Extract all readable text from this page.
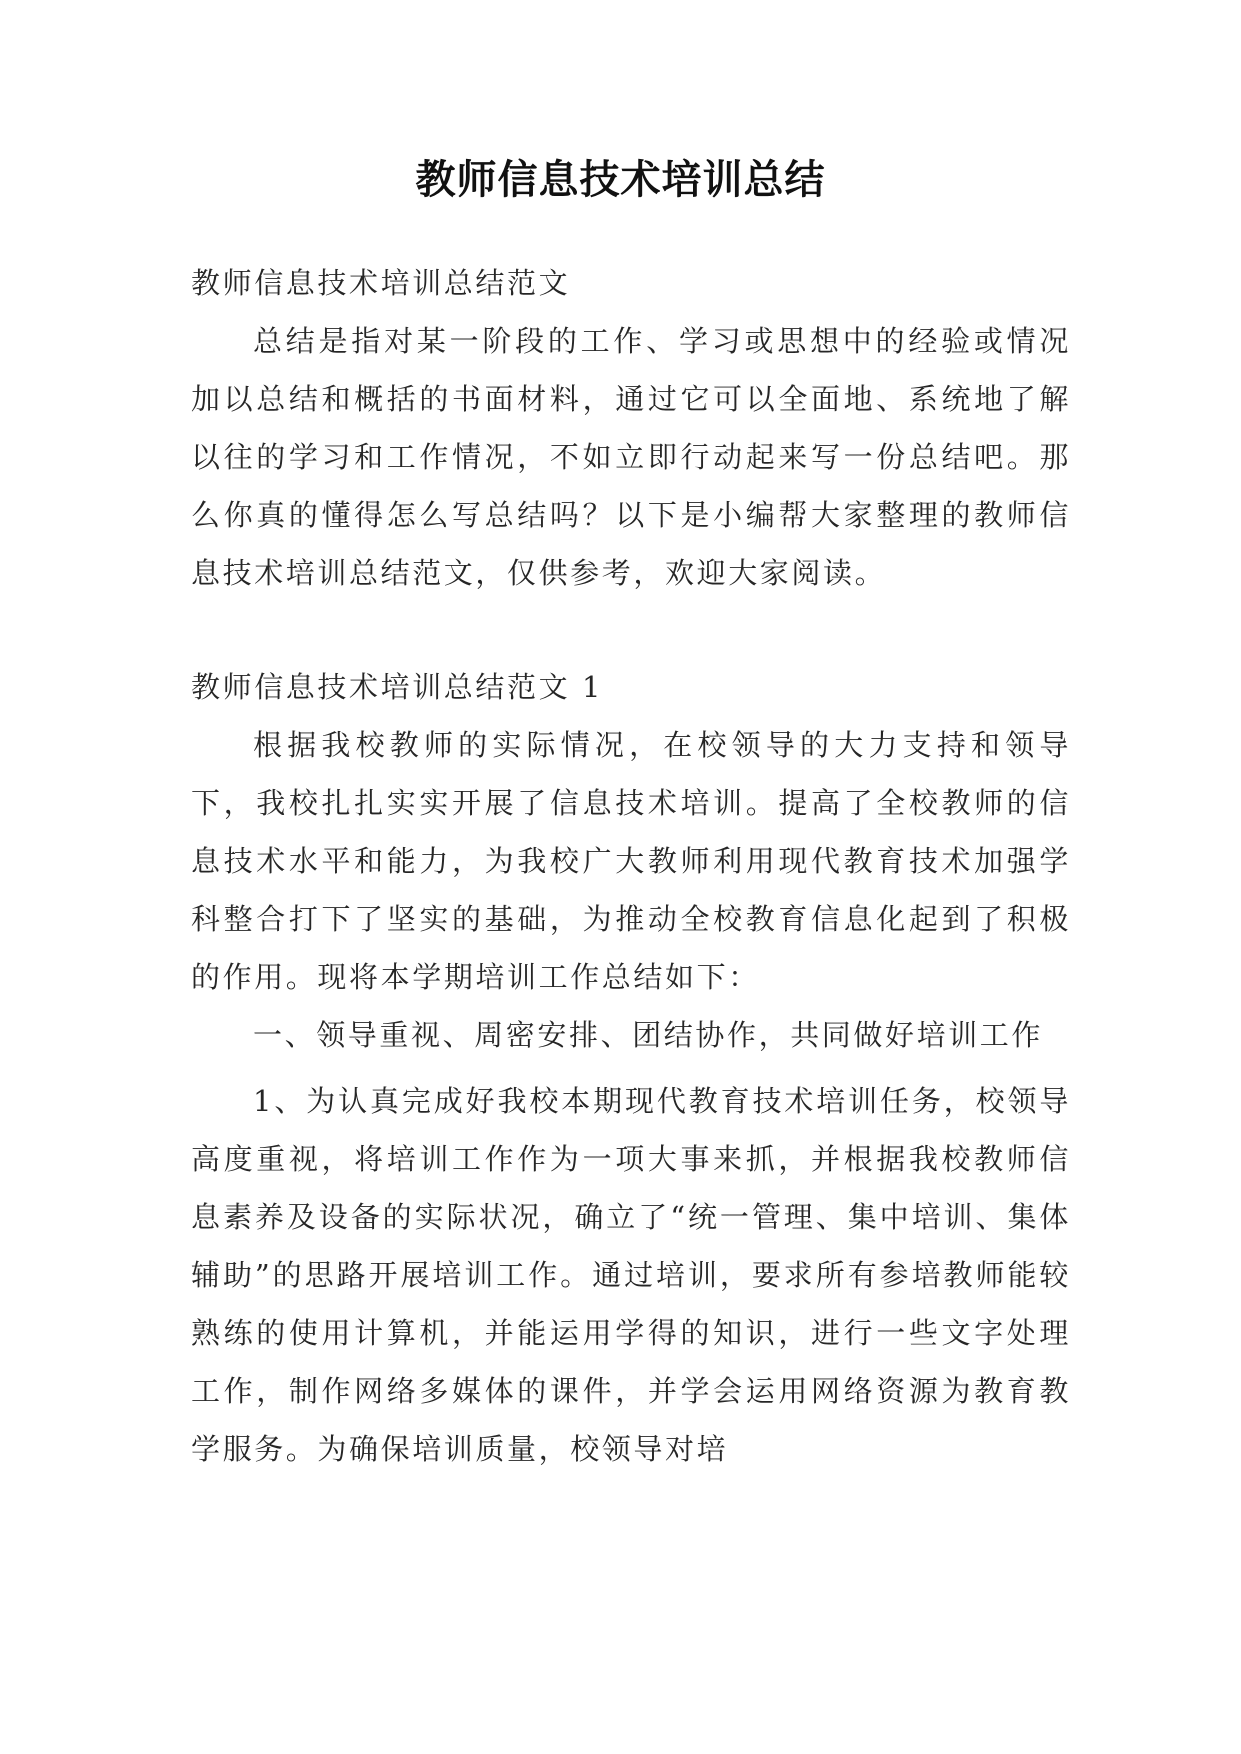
教师信息技术培训总结

教师信息技术培训总结范文

总结是指对某一阶段的工作、学习或思想中的经验或情况加以总结和概括的书面材料，通过它可以全面地、系统地了解以往的学习和工作情况，不如立即行动起来写一份总结吧。那么你真的懂得怎么写总结吗？以下是小编帮大家整理的教师信息技术培训总结范文，仅供参考，欢迎大家阅读。

教师信息技术培训总结范文 1

根据我校教师的实际情况，在校领导的大力支持和领导下，我校扎扎实实开展了信息技术培训。提高了全校教师的信息技术水平和能力，为我校广大教师利用现代教育技术加强学科整合打下了坚实的基础，为推动全校教育信息化起到了积极的作用。现将本学期培训工作总结如下：

一、领导重视、周密安排、团结协作，共同做好培训工作

1、为认真完成好我校本期现代教育技术培训任务，校领导高度重视，将培训工作作为一项大事来抓，并根据我校教师信息素养及设备的实际状况，确立了“统一管理、集中培训、集体辅助”的思路开展培训工作。通过培训，要求所有参培教师能较熟练的使用计算机，并能运用学得的知识，进行一些文字处理工作，制作网络多媒体的课件，并学会运用网络资源为教育教学服务。为确保培训质量，校领导对培
